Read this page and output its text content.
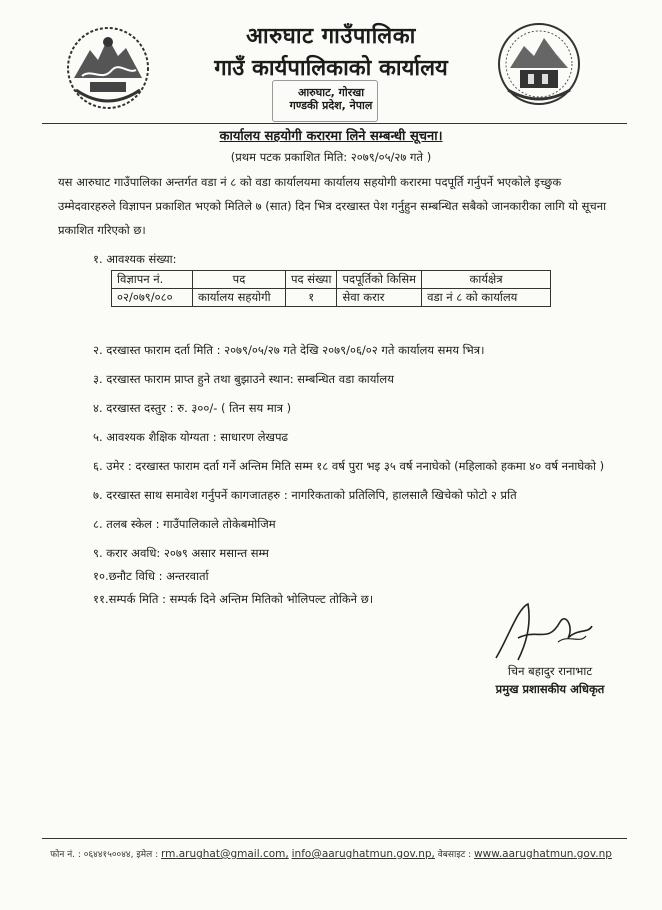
आरुघाट गाउँपालिका
गाउँ कार्यपालिकाको कार्यालय
आरुघाट, गोरखा
गण्डकी प्रदेश, नेपाल
कार्यालय सहयोगी करारमा लिने सम्बन्धी सूचना।
(प्रथम पटक प्रकाशित मिति: २०७९/०५/२७ गते )
यस आरुघाट गाउँपालिका अन्तर्गत वडा नं ८ को वडा कार्यालयमा कार्यालय सहयोगी करारमा पदपूर्ति गर्नुपर्ने भएकोले इच्छुक उम्मेदवारहरुले विज्ञापन प्रकाशित भएको मितिले ७ (सात) दिन भित्र दरखास्त पेश गर्नुहुन सम्बन्धित सबैको जानकारीका लागि यो सूचना प्रकाशित गरिएको छ।
१. आवश्यक संख्या:
विज्ञापन नं.	पद	पद संख्या	पदपूर्तिको किसिम	कार्यक्षेत्र
०२/०७९/०८०	कार्यालय सहयोगी	१	सेवा करार	वडा नं ८ को कार्यालय
२. दरखास्त फाराम दर्ता मिति : २०७९/०५/२७ गते देखि २०७९/०६/०२ गते कार्यालय समय भित्र।
३. दरखास्त फाराम प्राप्त हुने तथा बुझाउने स्थान: सम्बन्धित वडा कार्यालय
४. दरखास्त दस्तुर : रु. ३००/- ( तिन सय मात्र )
५. आवश्यक शैक्षिक योग्यता : साधारण लेखपढ
६. उमेर : दरखास्त फाराम दर्ता गर्ने अन्तिम मिति सम्म १८ वर्ष पुरा भइ ३५ वर्ष ननाघेको (महिलाको हकमा ४० वर्ष ननाघेको )
७. दरखास्त साथ समावेश गर्नुपर्ने कागजातहरु : नागरिकताको प्रतिलिपि, हालसालै खिचेको फोटो २ प्रति
८. तलब स्केल : गाउँपालिकाले तोकेबमोजिम
९. करार अवधि: २०७९ असार मसान्त सम्म
१०.छनौट विधि : अन्तरवार्ता
११.सम्पर्क मिति : सम्पर्क दिने अन्तिम मितिको भोलिपल्ट तोकिने छ।
चिन बहादुर रानाभाट
प्रमुख प्रशासकीय अधिकृत
फोन नं. : ०६४४१५००४४, इमेल : rm.arughat@gmail.com, info@aarughatmun.gov.np, वेबसाइट : www.aarughatmun.gov.np
